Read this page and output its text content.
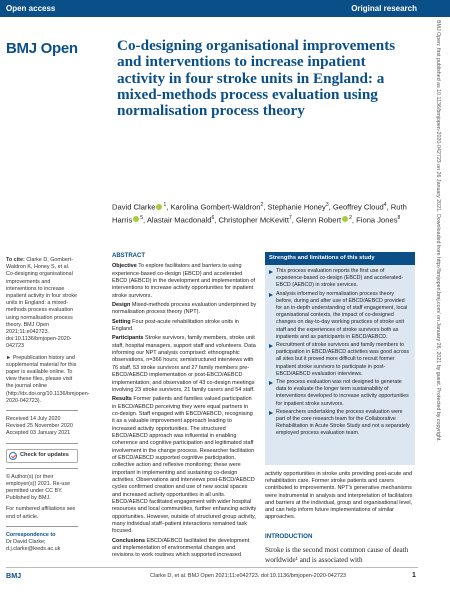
Open access	Original research
BMJ Open	Co-designing organisational improvements and interventions to increase inpatient activity in four stroke units in England: a mixed-methods process evaluation using normalisation process theory
David Clarke $^1$, Karolina Gombert-Waldron$^2$, Stephanie Honey$^3$, Geoffrey Cloud$^4$, Ruth Harris $^5$, Alastair Macdonald$^6$, Christopher McKevitt$^7$, Glenn Robert $^2$, Fiona Jones$^8$

To cite: Clarke D, Gombert-Waldron K, Honey S, et al. Co-designing organisational improvements and interventions to increase inpatient activity in four stroke units in England: a mixed-methods process evaluation using normalisation process theory. BMJ Open 2021;11:e042723. doi:10.1136/bmjopen-2020-042723

► Prepublication history and supplemental material for this paper is available online. To view these files, please visit the journal online (http://dx.doi.org/10.1136/bmjopen-2020-042723).

Received 14 July 2020
Revised 25 November 2020
Accepted 03 January 2021

Check for updates

© Author(s) (or their employer(s)) 2021. Re-use permitted under CC BY. Published by BMJ.

For numbered affiliations see end of article.

Correspondence to
Dr David Clarke;
d.j.clarke@leeds.ac.uk

ABSTRACT

Objective To explore facilitators and barriers to using experience-based co-design (EBCD) and accelerated EBCD (AEBCD) in the development and implementation of interventions to increase activity opportunities for inpatient stroke survivors.

Design Mixed-methods process evaluation underpinned by normalisation process theory (NPT).

Setting Four post-acute rehabilitation stroke units in England.

Participants Stroke survivors, family members, stroke unit staff, hospital managers, support staff and volunteers. Data informing our NPT analysis comprised: ethnographic observations, n=366 hours; semistructured interviews with 76 staff, 53 stroke survivors and 27 family members pre-EBCD/AEBCD implementation or post-EBCD/AEBCD implementation; and observation of 43 co-design meetings involving 23 stroke survivors, 21 family carers and 54 staff.

Results Former patients and families valued participation in EBCD/AEBCD perceiving they were equal partners in co-design. Staff engaged with EBCD/AEBCD, recognising it as a valuable improvement approach leading to increased activity opportunities. The structured EBCD/AEBCD approach was influential in enabling coherence and cognitive participation and legitimated staff involvement in the change process. Researcher facilitation of EBCD/AEBCD supported cognitive participation, collective action and reflexive monitoring; these were important in implementing and sustaining co-design activities. Observations and interviews post-EBCD/AEBCD cycles confirmed creation and use of new social spaces and increased activity opportunities in all units. EBCD/AEBCD facilitated engagement with wider hospital resources and local communities, further enhancing activity opportunities. However, outside of structured group activity, many individual staff–patient interactions remained task focused.

Conclusions EBCD/AEBCD facilitated the development and implementation of environmental changes and revisions to work routines which supported increased

Strengths and limitations of this study
This process evaluation reports the first use of experience-based co-design (EBCD) and accelerated-EBCD (AEBCD) in stroke services.
Analysis informed by normalisation process theory before, during and after use of EBCD/AEBCD provided for an in-depth understanding of staff engagement, local organisational contexts, the impact of co-designed changes on day-to-day working practices of stroke unit staff and the experiences of stroke survivors both as inpatients and as participants in EBCD/AEBCD.
Recruitment of stroke survivors and family members to participation in EBCD/AEBCD activities was good across all sites but it proved more difficult to recruit former inpatient stroke survivors to participate in post-EBCD/AEBCD evaluation interviews.
The process evaluation was not designed to generate data to evaluate the longer term sustainability of interventions developed to increase activity opportunities for inpatient stroke survivors.
Researchers undertaking the process evaluation were part of the core research team for the Collaborative Rehabilitation in Acute Stroke Study and not a separately employed process evaluation team.

activity opportunities in stroke units providing post-acute and rehabilitation care. Former stroke patients and carers contributed to improvements. NPT's generative mechanisms were instrumental in analysis and interpretation of facilitators and barriers at the individual, group and organisational level, and can help inform future implementations of similar approaches.

INTRODUCTION

Stroke is the second most common cause of death worldwide¹ and is associated with

BMJ	Clarke D, et al. BMJ Open 2021;11:e042723. doi:10.1136/bmjopen-2020-042723	1
BMJ Open: first published as 10.1136/bmjopen-2020-042723 on 26 January 2021. Downloaded from http://bmjopen.bmj.com/ on January 26, 2021 by guest. Protected by copyright.
